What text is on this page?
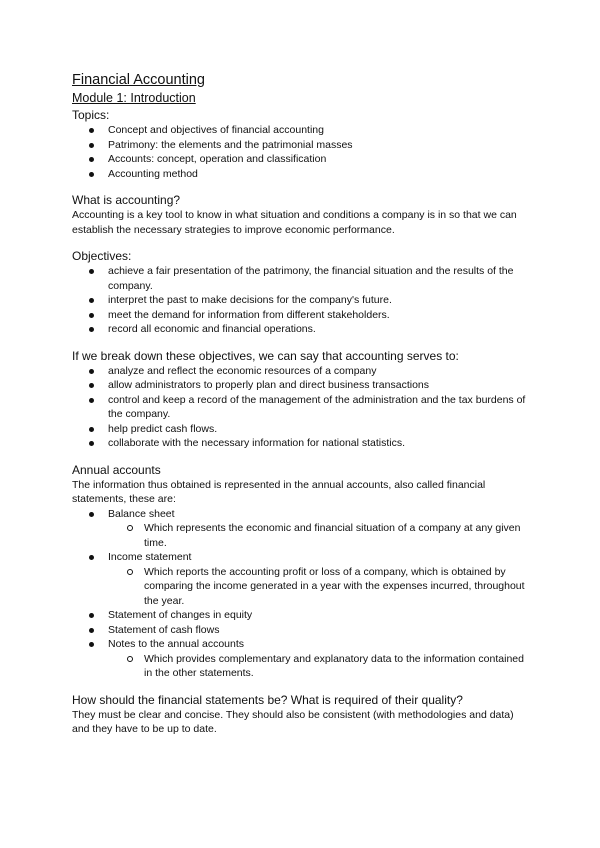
Financial Accounting
Module 1: Introduction

Topics:

Concept and objectives of financial accounting
Patrimony: the elements and the patrimonial masses
Accounts: concept, operation and classification
Accounting method

What is accounting?

Accounting is a key tool to know in what situation and conditions a company is in so that we can establish the necessary strategies to improve economic performance.

Objectives:

achieve a fair presentation of the patrimony, the financial situation and the results of the company.
interpret the past to make decisions for the company's future.
meet the demand for information from different stakeholders.
record all economic and financial operations.

If we break down these objectives, we can say that accounting serves to:

analyze and reflect the economic resources of a company
allow administrators to properly plan and direct business transactions
control and keep a record of the management of the administration and the tax burdens of the company.
help predict cash flows.
collaborate with the necessary information for national statistics.

Annual accounts

The information thus obtained is represented in the annual accounts, also called financial statements, these are:

Balance sheet
Which represents the economic and financial situation of a company at any given time.
Income statement
Which reports the accounting profit or loss of a company, which is obtained by comparing the income generated in a year with the expenses incurred, throughout the year.
Statement of changes in equity
Statement of cash flows
Notes to the annual accounts
Which provides complementary and explanatory data to the information contained in the other statements.

How should the financial statements be? What is required of their quality?

They must be clear and concise. They should also be consistent (with methodologies and data) and they have to be up to date.
